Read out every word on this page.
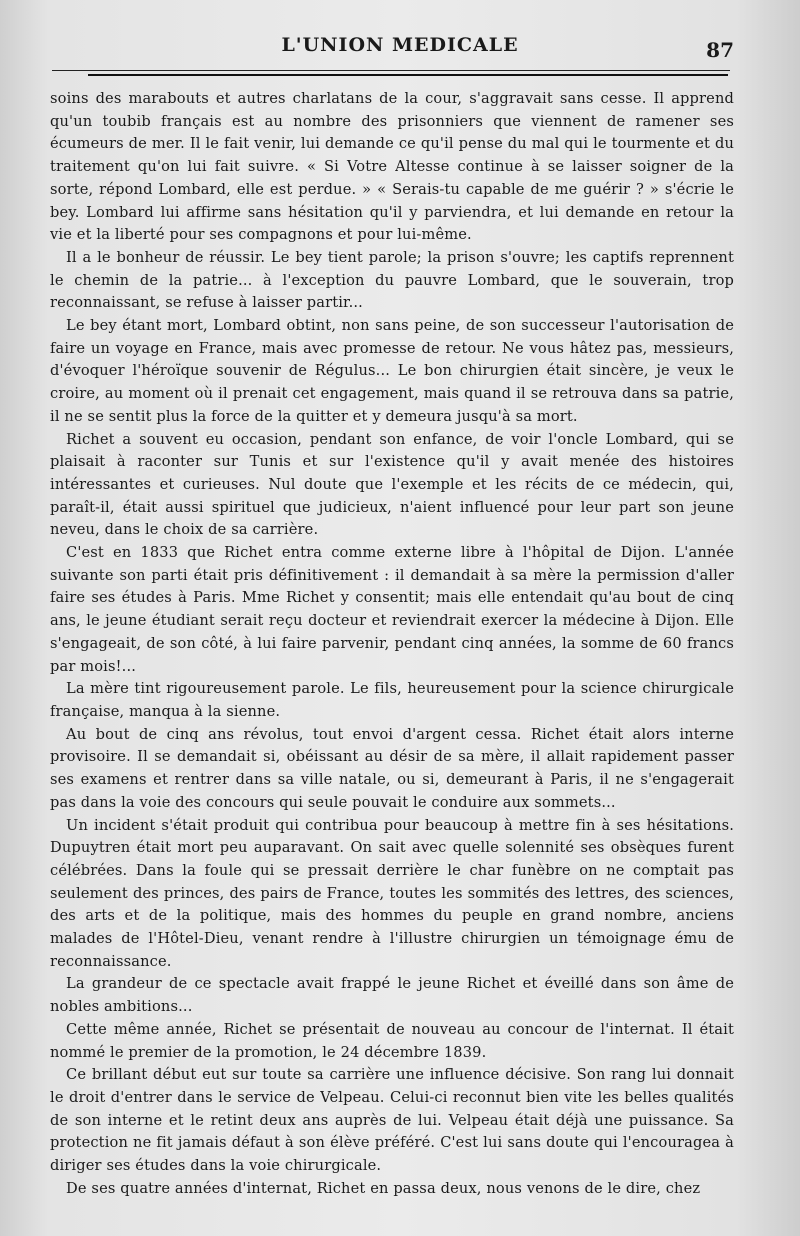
L'UNION MEDICALE	87

soins des marabouts et autres charlatans de la cour, s'aggravait sans cesse. Il apprend qu'un toubib français est au nombre des prisonniers que viennent de ramener ses écumeurs de mer. Il le fait venir, lui demande ce qu'il pense du mal qui le tourmente et du traitement qu'on lui fait suivre. « Si Votre Altesse continue à se laisser soigner de la sorte, répond Lombard, elle est perdue. » « Serais-tu capable de me guérir ? » s'écrie le bey. Lombard lui affirme sans hésitation qu'il y parviendra, et lui demande en retour la vie et la liberté pour ses compagnons et pour lui-même.

Il a le bonheur de réussir. Le bey tient parole; la prison s'ouvre; les captifs reprennent le chemin de la patrie... à l'exception du pauvre Lombard, que le souverain, trop reconnaissant, se refuse à laisser partir...

Le bey étant mort, Lombard obtint, non sans peine, de son successeur l'autorisation de faire un voyage en France, mais avec promesse de retour. Ne vous hâtez pas, messieurs, d'évoquer l'héroïque souvenir de Régulus... Le bon chirurgien était sincère, je veux le croire, au moment où il prenait cet engagement, mais quand il se retrouva dans sa patrie, il ne se sentit plus la force de la quitter et y demeura jusqu'à sa mort.

Richet a souvent eu occasion, pendant son enfance, de voir l'oncle Lombard, qui se plaisait à raconter sur Tunis et sur l'existence qu'il y avait menée des histoires intéressantes et curieuses. Nul doute que l'exemple et les récits de ce médecin, qui, paraît-il, était aussi spirituel que judicieux, n'aient influencé pour leur part son jeune neveu, dans le choix de sa carrière.

C'est en 1833 que Richet entra comme externe libre à l'hôpital de Dijon. L'année suivante son parti était pris définitivement : il demandait à sa mère la permission d'aller faire ses études à Paris. Mme Richet y consentit; mais elle entendait qu'au bout de cinq ans, le jeune étudiant serait reçu docteur et reviendrait exercer la médecine à Dijon. Elle s'engageait, de son côté, à lui faire parvenir, pendant cinq années, la somme de 60 francs par mois!...

La mère tint rigoureusement parole. Le fils, heureusement pour la science chirurgicale française, manqua à la sienne.

Au bout de cinq ans révolus, tout envoi d'argent cessa. Richet était alors interne provisoire. Il se demandait si, obéissant au désir de sa mère, il allait rapidement passer ses examens et rentrer dans sa ville natale, ou si, demeurant à Paris, il ne s'engagerait pas dans la voie des concours qui seule pouvait le conduire aux sommets...

Un incident s'était produit qui contribua pour beaucoup à mettre fin à ses hésitations. Dupuytren était mort peu auparavant. On sait avec quelle solennité ses obsèques furent célébrées. Dans la foule qui se pressait derrière le char funèbre on ne comptait pas seulement des princes, des pairs de France, toutes les sommités des lettres, des sciences, des arts et de la politique, mais des hommes du peuple en grand nombre, anciens malades de l'Hôtel-Dieu, venant rendre à l'illustre chirurgien un témoignage ému de reconnaissance.

La grandeur de ce spectacle avait frappé le jeune Richet et éveillé dans son âme de nobles ambitions...

Cette même année, Richet se présentait de nouveau au concour de l'internat. Il était nommé le premier de la promotion, le 24 décembre 1839.

Ce brillant début eut sur toute sa carrière une influence décisive. Son rang lui donnait le droit d'entrer dans le service de Velpeau. Celui-ci reconnut bien vite les belles qualités de son interne et le retint deux ans auprès de lui. Velpeau était déjà une puissance. Sa protection ne fit jamais défaut à son élève préféré. C'est lui sans doute qui l'encouragea à diriger ses études dans la voie chirurgicale.

De ses quatre années d'internat, Richet en passa deux, nous venons de le dire, chez
